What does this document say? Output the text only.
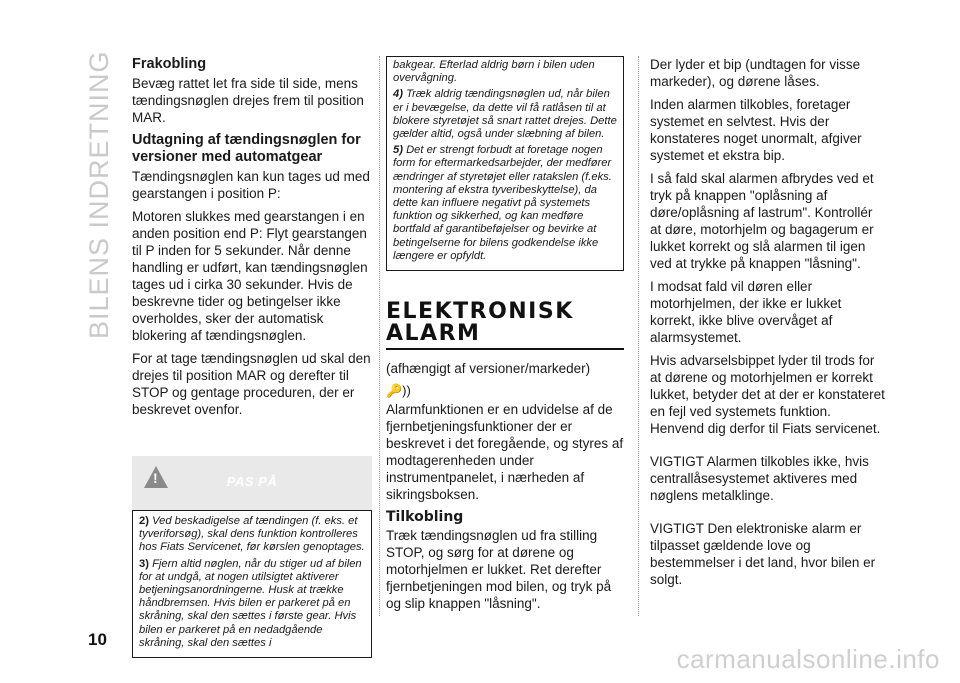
BILENS INDRETNING
10
Frakobling

Bevæg rattet let fra side til side, mens tændingsnøglen drejes frem til position MAR.

Udtagning af tændingsnøglen for versioner med automatgear

Tændingsnøglen kan kun tages ud med gearstangen i position P:

Motoren slukkes med gearstangen i en anden position end P: Flyt gearstangen til P inden for 5 sekunder. Når denne handling er udført, kan tændingsnøglen tages ud i cirka 30 sekunder. Hvis de beskrevne tider og betingelser ikke overholdes, sker der automatisk blokering af tændingsnøglen.

For at tage tændingsnøglen ud skal den drejes til position MAR og derefter til STOP og gentage proceduren, der er beskrevet ovenfor.

!
PAS PÅ
2) Ved beskadigelse af tændingen (f. eks. et tyveriforsøg), skal dens funktion kontrolleres hos Fiats Servicenet, før kørslen genoptages.
3) Fjern altid nøglen, når du stiger ud af bilen for at undgå, at nogen utilsigtet aktiverer betjeningsanordningerne. Husk at trække håndbremsen. Hvis bilen er parkeret på en skråning, skal den sættes i første gear. Hvis bilen er parkeret på en nedadgående skråning, skal den sættes i
bakgear. Efterlad aldrig børn i bilen uden overvågning.
4) Træk aldrig tændingsnøglen ud, når bilen er i bevægelse, da dette vil få ratlåsen til at blokere styretøjet så snart rattet drejes. Dette gælder altid, også under slæbning af bilen.
5) Det er strengt forbudt at foretage nogen form for eftermarkedsarbejder, der medfører ændringer af styretøjet eller ratakslen (f.eks. montering af ekstra tyveribeskyttelse), da dette kan influere negativt på systemets funktion og sikkerhed, og kan medføre bortfald af garantibeføjelser og bevirke at betingelserne for bilens godkendelse ikke længere er opfyldt.
ELEKTRONISK
ALARM

(afhængigt af versioner/markeder)

🔑))

Alarmfunktionen er en udvidelse af de fjernbetjeningsfunktioner der er beskrevet i det foregående, og styres af modtagerenheden under instrumentpanelet, i nærheden af sikringsboksen.

Tilkobling

Træk tændingsnøglen ud fra stilling STOP, og sørg for at dørene og motorhjelmen er lukket. Ret derefter fjernbetjeningen mod bilen, og tryk på og slip knappen "låsning".

Der lyder et bip (undtagen for visse markeder), og dørene låses.

Inden alarmen tilkobles, foretager systemet en selvtest. Hvis der konstateres noget unormalt, afgiver systemet et ekstra bip.

I så fald skal alarmen afbrydes ved et tryk på knappen "oplåsning af døre/oplåsning af lastrum". Kontrollér at døre, motorhjelm og bagagerum er lukket korrekt og slå alarmen til igen ved at trykke på knappen "låsning".

I modsat fald vil døren eller motorhjelmen, der ikke er lukket korrekt, ikke blive overvåget af alarmsystemet.

Hvis advarselsbippet lyder til trods for at dørene og motorhjelmen er korrekt lukket, betyder det at der er konstateret en fejl ved systemets funktion. Henvend dig derfor til Fiats servicenet.

VIGTIGT Alarmen tilkobles ikke, hvis centrallåsesystemet aktiveres med nøglens metalklinge.

VIGTIGT Den elektroniske alarm er tilpasset gældende love og bestemmelser i det land, hvor bilen er solgt.

carmanualsonline.info
